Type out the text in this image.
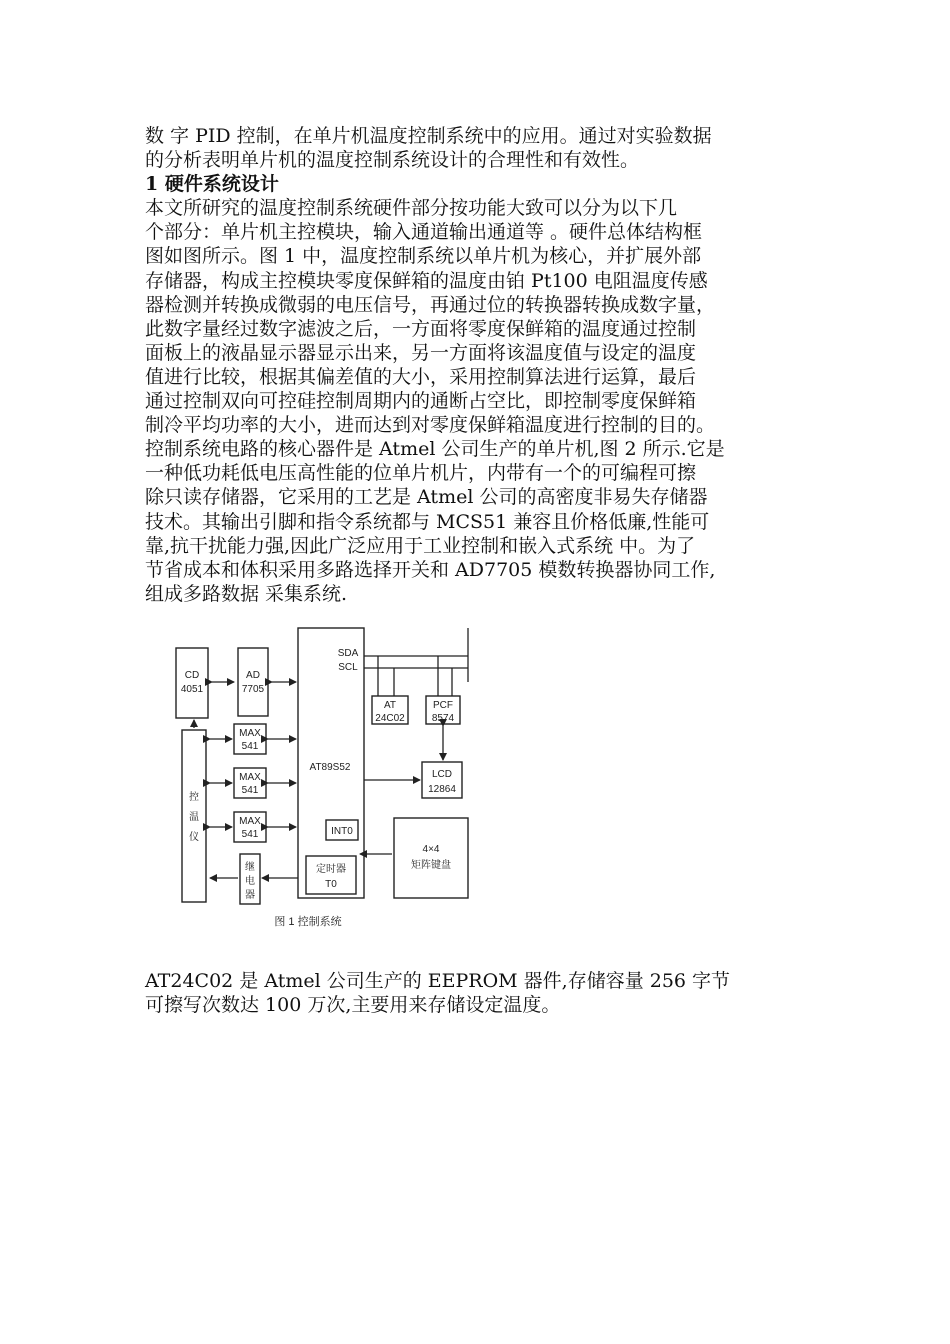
数 字 PID 控制，在单片机温度控制系统中的应用。通过对实验数据
的分析表明单片机的温度控制系统设计的合理性和有效性。
1 硬件系统设计
本文所研究的温度控制系统硬件部分按功能大致可以分为以下几
个部分：单片机主控模块，输入通道输出通道等 。硬件总体结构框
图如图所示。图 1 中，温度控制系统以单片机为核心，并扩展外部
存储器，构成主控模块零度保鲜箱的温度由铂 Pt100 电阻温度传感
器检测并转换成微弱的电压信号，再通过位的转换器转换成数字量，
此数字量经过数字滤波之后，一方面将零度保鲜箱的温度通过控制
面板上的液晶显示器显示出来，另一方面将该温度值与设定的温度
值进行比较，根据其偏差值的大小，采用控制算法进行运算，最后
通过控制双向可控硅控制周期内的通断占空比，即控制零度保鲜箱
制冷平均功率的大小，进而达到对零度保鲜箱温度进行控制的目的。
控制系统电路的核心器件是 Atmel 公司生产的单片机,图 2 所示.它是
一种低功耗低电压高性能的位单片机片，内带有一个的可编程可擦
除只读存储器，它采用的工艺是 Atmel 公司的高密度非易失存储器
技术。其输出引脚和指令系统都与 MCS51 兼容且价格低廉,性能可
靠,抗干扰能力强,因此广泛应用于工业控制和嵌入式系统 中。为了
节省成本和体积采用多路选择开关和 AD7705 模数转换器协同工作,
组成多路数据 采集系统.
CD
4051
AD
7705
MAX
541
MAX
541
MAX
541
控
温
仪
继
电
器
SDA
SCL
AT89S52
INT0
定时器
T0
AT
24C02
PCF
8574
LCD
12864
4×4
矩阵键盘
图 1 控制系统
AT24C02 是 Atmel 公司生产的 EEPROM 器件,存储容量 256 字节
可擦写次数达 100 万次,主要用来存储设定温度。
